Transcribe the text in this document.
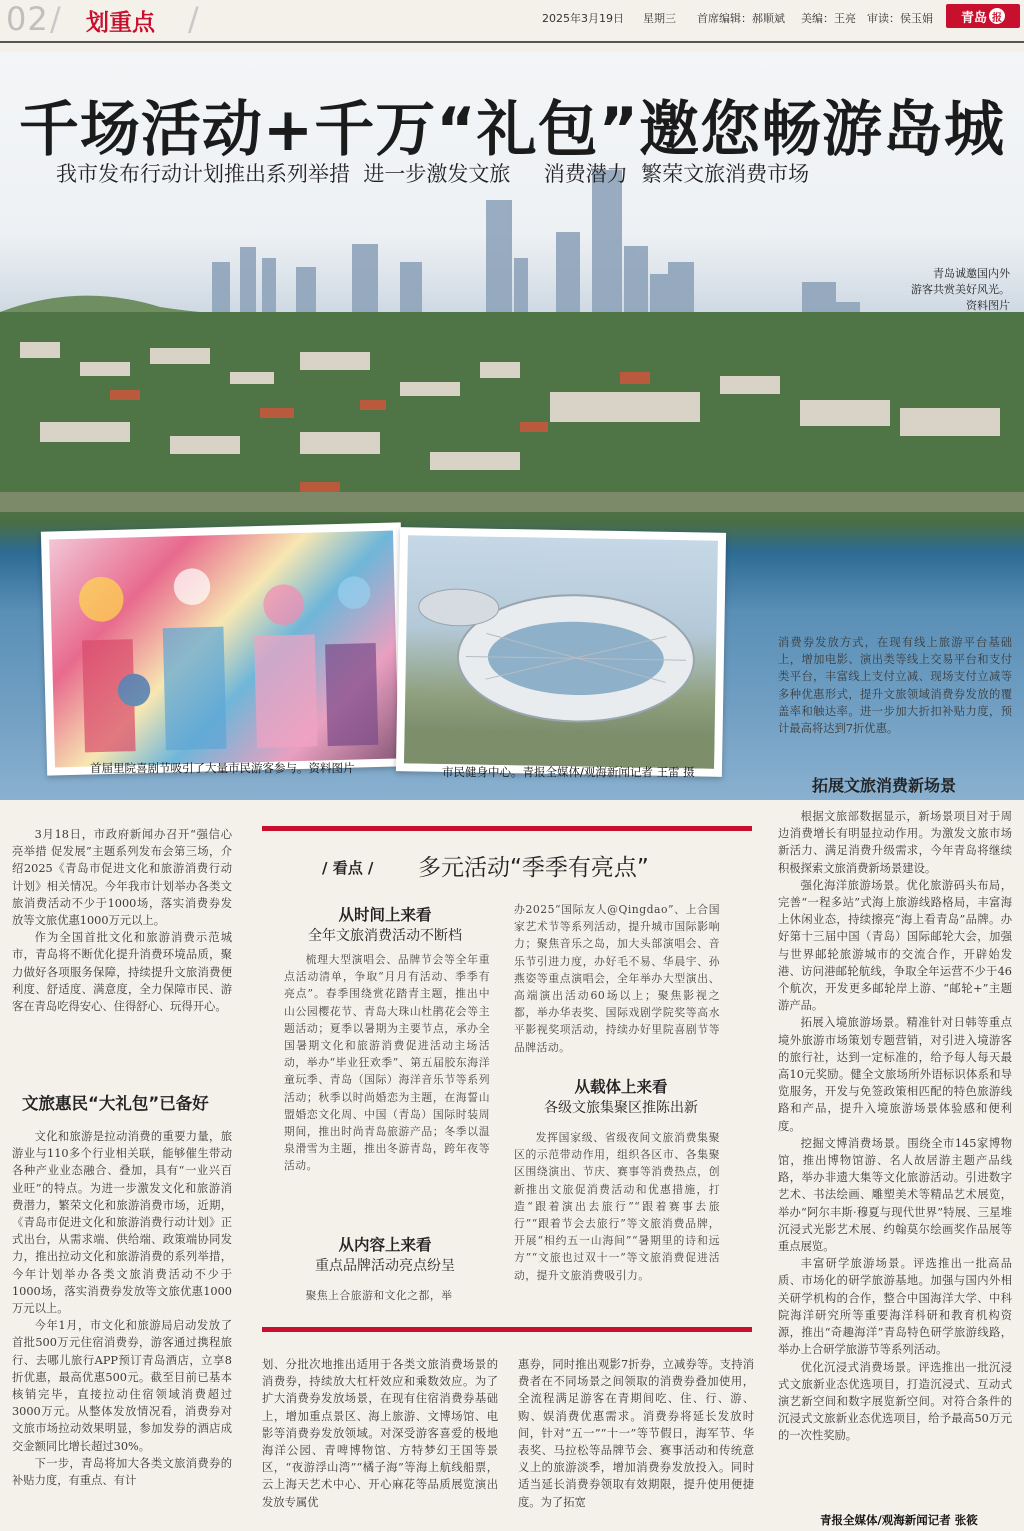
02 / 划重点 /	2025年3月19日 星期三 首席编辑：郝顺斌 美编：王亮 审读：侯玉娟 青岛 报
千场活动+千万“礼包”邀您畅游岛城
我市发布行动计划推出系列举措  进一步激发文旅     消费潜力  繁荣文旅消费市场
青岛诚邀国内外
游客共赏美好风光。
资料图片
首届里院喜剧节吸引了大量市民游客参与。资料图片	市民健身中心。青报全媒体/观海新闻记者 王雷 摄

消费券发放方式，在现有线上旅游平台基础上，增加电影、演出类等线上交易平台和支付类平台，丰富线上支付立减、现场支付立减等多种优惠形式，提升文旅领域消费券发放的覆盖率和触达率。进一步加大折扣补贴力度，预计最高将达到7折优惠。

拓展文旅消费新场景

根据文旅部数据显示，新场景项目对于周边消费增长有明显拉动作用。为激发文旅市场新活力、满足消费升级需求，今年青岛将继续积极探索文旅消费新场景建设。

强化海洋旅游场景。优化旅游码头布局，完善“一程多站”式海上旅游线路格局，丰富海上休闲业态，持续擦亮“海上看青岛”品牌。办好第十三届中国（青岛）国际邮轮大会，加强与世界邮轮旅游城市的交流合作，开辟始发港、访问港邮轮航线，争取全年运营不少于46个航次，开发更多邮轮岸上游、“邮轮+”主题游产品。

拓展入境旅游场景。精准针对日韩等重点境外旅游市场策划专题营销，对引进入境游客的旅行社，达到一定标准的，给予每人每天最高10元奖励。健全文旅场所外语标识体系和导览服务，开发与免签政策相匹配的特色旅游线路和产品，提升入境旅游场景体验感和便利度。

挖掘文博消费场景。围绕全市145家博物馆，推出博物馆游、名人故居游主题产品线路，举办非遗大集等文化旅游活动。引进数字艺术、书法绘画、雕塑美术等精品艺术展览，举办“阿尔丰斯·穆夏与现代世界”特展、三星堆沉浸式光影艺术展、约翰莫尔绘画奖作品展等重点展览。

丰富研学旅游场景。评选推出一批高品质、市场化的研学旅游基地。加强与国内外相关研学机构的合作，整合中国海洋大学、中科院海洋研究所等重要海洋科研和教育机构资源，推出“奇趣海洋”青岛特色研学旅游线路，举办上合研学旅游节等系列活动。

优化沉浸式消费场景。评选推出一批沉浸式文旅新业态优选项目，打造沉浸式、互动式演艺新空间和数字展览新空间。对符合条件的沉浸式文旅新业态优选项目，给予最高50万元的一次性奖励。

3月18日，市政府新闻办召开“强信心 亮举措 促发展”主题系列发布会第三场，介绍2025《青岛市促进文化和旅游消费行动计划》相关情况。今年我市计划举办各类文旅消费活动不少于1000场，落实消费券发放等文旅优惠1000万元以上。

作为全国首批文化和旅游消费示范城市，青岛将不断优化提升消费环境品质，聚力做好各项服务保障，持续提升文旅消费便利度、舒适度、满意度，全力保障市民、游客在青岛吃得安心、住得舒心、玩得开心。

文旅惠民“大礼包”已备好

文化和旅游是拉动消费的重要力量，旅游业与110多个行业相关联，能够催生带动各种产业业态融合、叠加，具有“一业兴百业旺”的特点。为进一步激发文化和旅游消费潜力，繁荣文化和旅游消费市场，近期，《青岛市促进文化和旅游消费行动计划》正式出台，从需求端、供给端、政策端协同发力，推出拉动文化和旅游消费的系列举措，今年计划举办各类文旅消费活动不少于1000场，落实消费券发放等文旅优惠1000万元以上。

今年1月，市文化和旅游局启动发放了首批500万元住宿消费券，游客通过携程旅行、去哪儿旅行APP预订青岛酒店，立享8折优惠，最高优惠500元。截至目前已基本核销完毕，直接拉动住宿领域消费超过3000万元。从整体发放情况看，消费券对文旅市场拉动效果明显，参加发券的酒店成交金额同比增长超过30%。

下一步，青岛将加大各类文旅消费券的补贴力度，有重点、有计

/ 看点 / 多元活动“季季有亮点”
从时间上来看
全年文旅消费活动不断档

梳理大型演唱会、品牌节会等全年重点活动清单，争取“月月有活动、季季有亮点”。春季围绕赏花踏青主题，推出中山公园樱花节、青岛大珠山杜鹃花会等主题活动；夏季以暑期为主要节点，承办全国暑期文化和旅游消费促进活动主场活动，举办“毕业狂欢季”、第五届胶东海洋童玩季、青岛（国际）海洋音乐节等系列活动；秋季以时尚婚恋为主题，在海誓山盟婚恋文化周、中国（青岛）国际时装周期间，推出时尚青岛旅游产品；冬季以温泉滑雪为主题，推出冬游青岛，跨年夜等活动。

从内容上来看
重点品牌活动亮点纷呈

聚焦上合旅游和文化之都，举

办2025“国际友人@Qingdao”、上合国家艺术节等系列活动，提升城市国际影响力；聚焦音乐之岛，加大头部演唱会、音乐节引进力度，办好毛不易、华晨宇、孙燕姿等重点演唱会，全年举办大型演出、高端演出活动60场以上；聚焦影视之都，举办华表奖、国际戏剧学院奖等高水平影视奖项活动，持续办好里院喜剧节等品牌活动。

从载体上来看
各级文旅集聚区推陈出新

发挥国家级、省级夜间文旅消费集聚区的示范带动作用，组织各区市、各集聚区围绕演出、节庆、赛事等消费热点，创新推出文旅促消费活动和优惠措施，打造“跟着演出去旅行”“跟着赛事去旅行”“跟着节会去旅行”等文旅消费品牌，开展“相约五一山海间”“暑期里的诗和远方”“文旅也过双十一”等文旅消费促进活动，提升文旅消费吸引力。

划、分批次地推出适用于各类文旅消费场景的消费券，持续放大杠杆效应和乘数效应。为了扩大消费券发放场景，在现有住宿消费券基础上，增加重点景区、海上旅游、文博场馆、电影等消费券发放领域。对深受游客喜爱的极地海洋公园、青啤博物馆、方特梦幻王国等景区，“夜游浮山湾”“橘子海”等海上航线船票，云上海天艺术中心、开心麻花等品质展览演出发放专属优
惠券，同时推出观影7折券，立减券等。支持消费者在不同场景之间领取的消费券叠加使用，全流程满足游客在青期间吃、住、行、游、购、娱消费优惠需求。消费券将延长发放时间，针对“五一”“十一”等节假日，海军节、华表奖、马拉松等品牌节会、赛事活动和传统意义上的旅游淡季，增加消费券发放投入。同时适当延长消费券领取有效期限，提升使用便捷度。为了拓宽
青报全媒体/观海新闻记者 张筱
